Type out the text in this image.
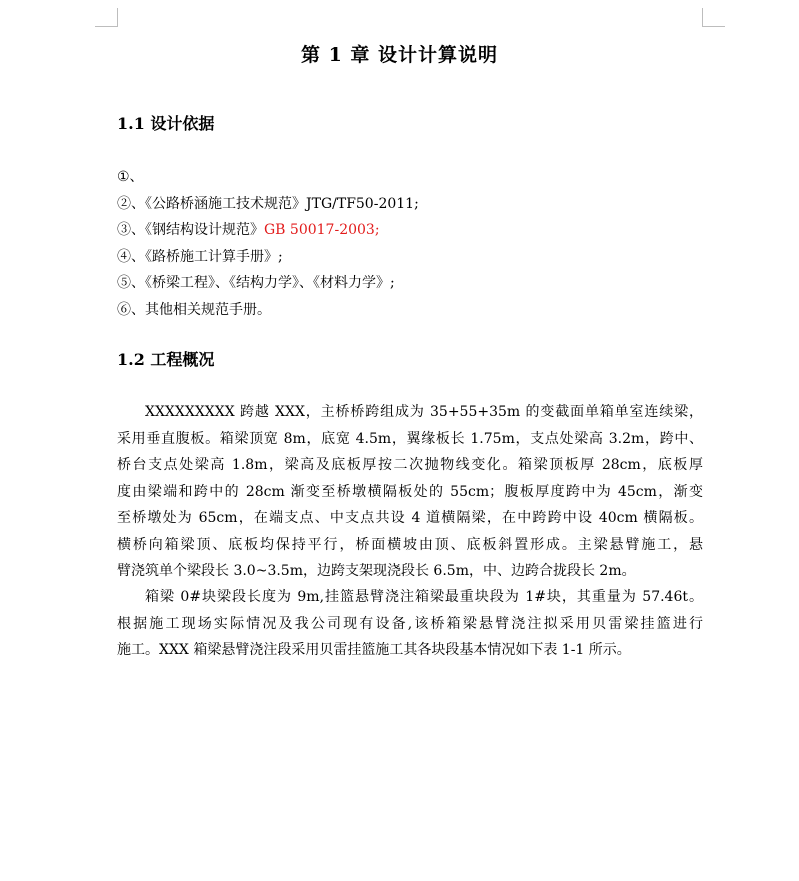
第 1 章 设计计算说明
1.1 设计依据
①、
②、《公路桥涵施工技术规范》JTG/TF50-2011;
③、《钢结构设计规范》GB 50017-2003;
④、《路桥施工计算手册》;
⑤、《桥梁工程》、《结构力学》、《材料力学》;
⑥、其他相关规范手册。
1.2 工程概况
XXXXXXXXX 跨越 XXX，主桥桥跨组成为 35+55+35m 的变截面单箱单室连续梁，
采用垂直腹板。箱梁顶宽 8m，底宽 4.5m，翼缘板长 1.75m，支点处梁高 3.2m，跨中、
桥台支点处梁高 1.8m，梁高及底板厚按二次抛物线变化。箱梁顶板厚 28cm，底板厚
度由梁端和跨中的 28cm 渐变至桥墩横隔板处的 55cm；腹板厚度跨中为 45cm，渐变
至桥墩处为 65cm，在端支点、中支点共设 4 道横隔梁，在中跨跨中设 40cm 横隔板。
横桥向箱梁顶、底板均保持平行，桥面横坡由顶、底板斜置形成。主梁悬臂施工，悬
臂浇筑单个梁段长 3.0~3.5m，边跨支架现浇段长 6.5m，中、边跨合拢段长 2m。
箱梁 0#块梁段长度为 9m,挂篮悬臂浇注箱梁最重块段为 1#块，其重量为 57.46t。
根据施工现场实际情况及我公司现有设备,该桥箱梁悬臂浇注拟采用贝雷梁挂篮进行
施工。XXX 箱梁悬臂浇注段采用贝雷挂篮施工其各块段基本情况如下表 1-1 所示。
